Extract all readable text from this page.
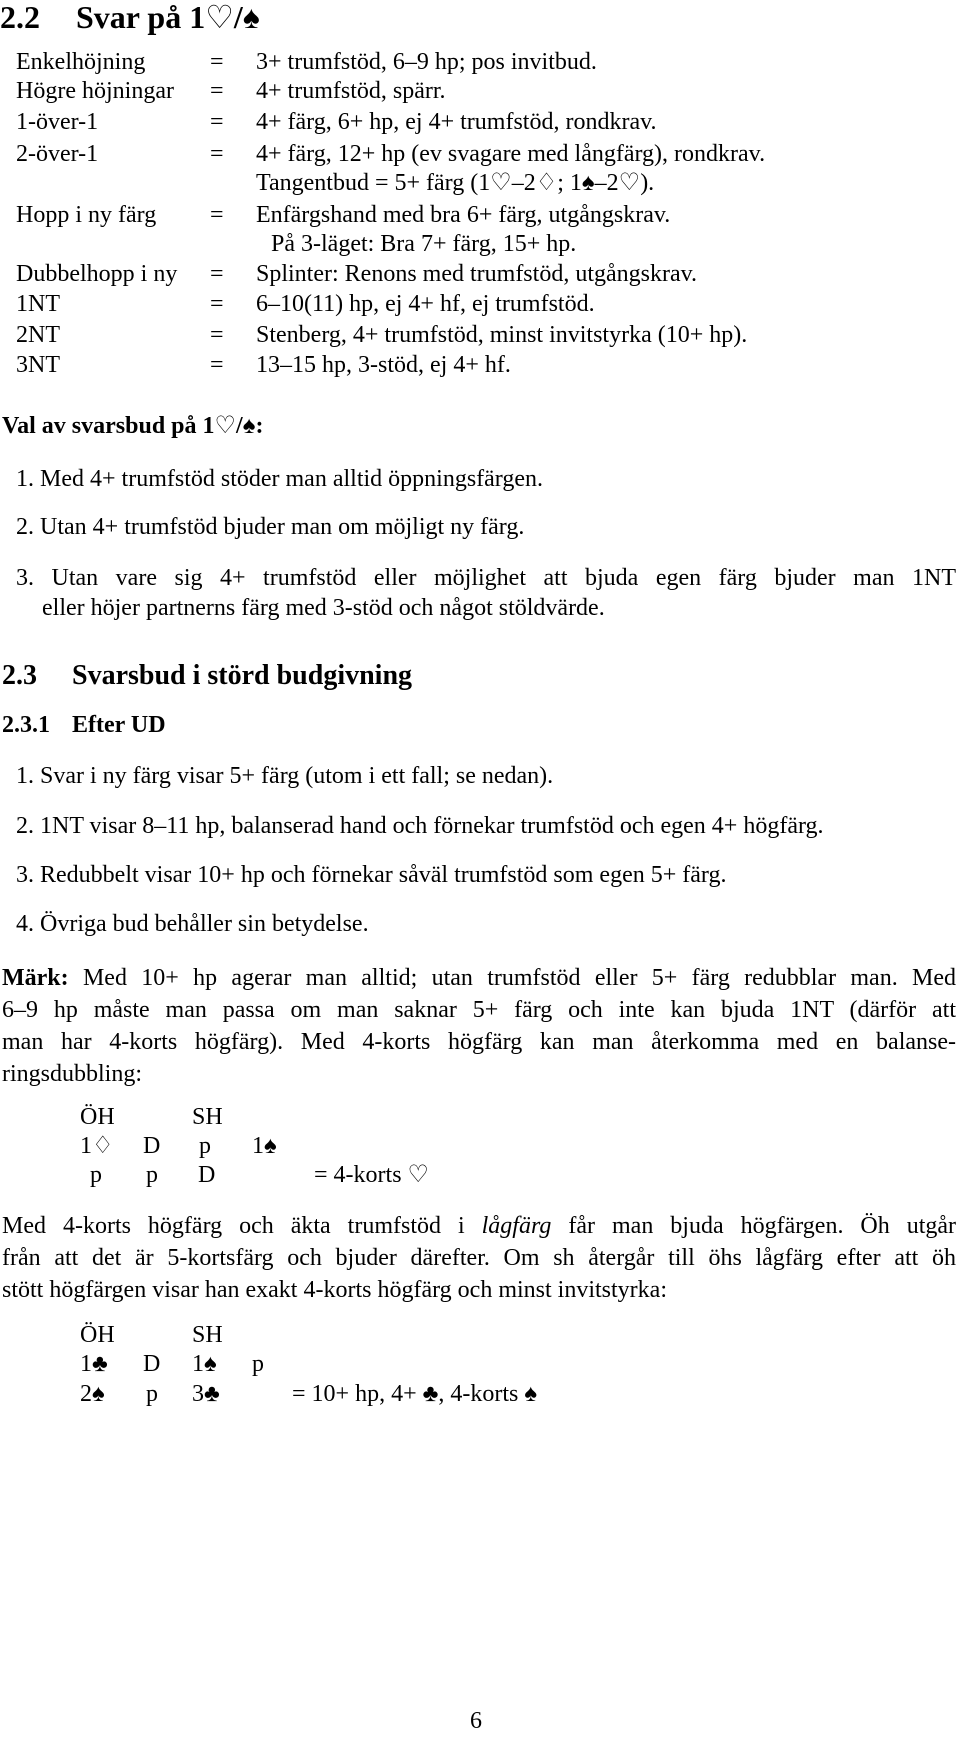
2.2 Svar på 1♡/♠
Enkelhöjning	= 3+ trumfstöd, 6–9 hp; pos invitbud.
Högre höjningar = 4+ trumfstöd, spärr.
1-över-1	= 4+ färg, 6+ hp, ej 4+ trumfstöd, rondkrav.
2-över-1	= 4+ färg, 12+ hp (ev svagare med långfärg), rondkrav.
Tangentbud = 5+ färg (1♡–2♢; 1♠–2♡).
Hopp i ny färg = Enfärgshand med bra 6+ färg, utgångskrav.
På 3-läget: Bra 7+ färg, 15+ hp.
Dubbelhopp i ny = Splinter: Renons med trumfstöd, utgångskrav.
1NT	= 6–10(11) hp, ej 4+ hf, ej trumfstöd.
2NT	= Stenberg, 4+ trumfstöd, minst invitstyrka (10+ hp).
3NT	= 13–15 hp, 3-stöd, ej 4+ hf.
Val av svarsbud på 1♡/♠:
1. Med 4+ trumfstöd stöder man alltid öppningsfärgen.
2. Utan 4+ trumfstöd bjuder man om möjligt ny färg.
3. Utan vare sig 4+ trumfstöd eller möjlighet att bjuda egen färg bjuder man 1NT
eller höjer partnerns färg med 3-stöd och något stöldvärde.
2.3 Svarsbud i störd budgivning
2.3.1 Efter UD
1. Svar i ny färg visar 5+ färg (utom i ett fall; se nedan).
2. 1NT visar 8–11 hp, balanserad hand och förnekar trumfstöd och egen 4+ högfärg.
3. Redubbelt visar 10+ hp och förnekar såväl trumfstöd som egen 5+ färg.
4. Övriga bud behåller sin betydelse.
Märk: Med 10+ hp agerar man alltid; utan trumfstöd eller 5+ färg redubblar man. Med
6–9 hp måste man passa om man saknar 5+ färg och inte kan bjuda 1NT (därför att
man har 4-korts högfärg). Med 4-korts högfärg kan man återkomma med en balanse-
ringsdubbling:
ÖH	SH
1♢ D p 1♠
p p D	= 4-korts ♡
Med 4-korts högfärg och äkta trumfstöd i lågfärg får man bjuda högfärgen. Öh utgår
från att det är 5-kortsfärg och bjuder därefter. Om sh återgår till öhs lågfärg efter att öh
stött högfärgen visar han exakt 4-korts högfärg och minst invitstyrka:
ÖH	SH
1♣ D 1♠ p
2♠ p 3♣	= 10+ hp, 4+ ♣, 4-korts ♠
6
